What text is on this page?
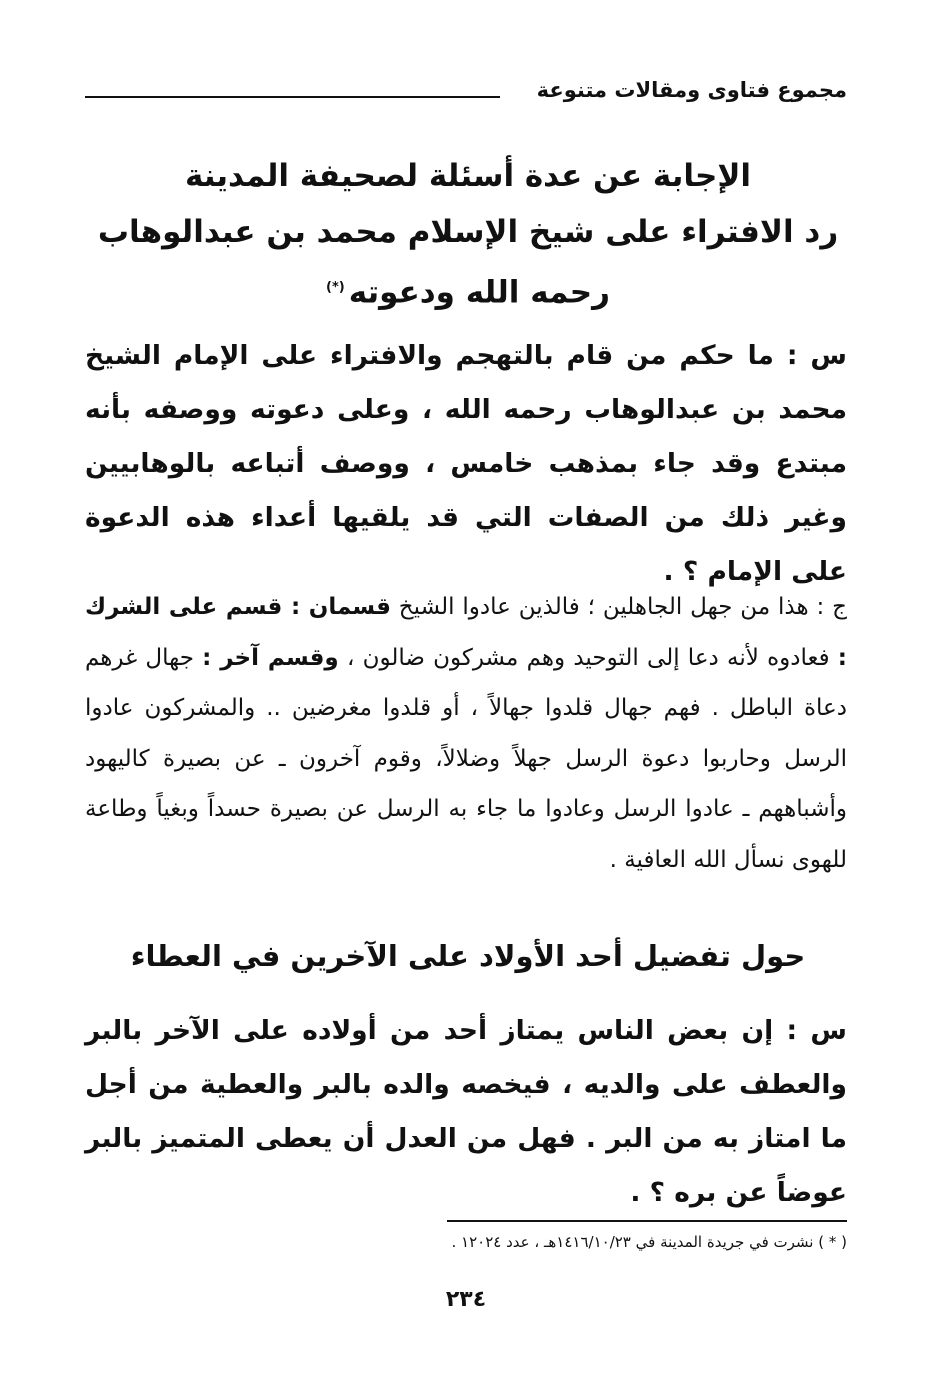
مجموع فتاوى ومقالات متنوعة
الإجابة عن عدة أسئلة لصحيفة المدينة
رد الافتراء على شيخ الإسلام محمد بن عبدالوهاب
رحمه الله ودعوته(*)

س : ما حكم من قام بالتهجم والافتراء على الإمام الشيخ محمد بن عبدالوهاب رحمه الله ، وعلى دعوته ووصفه بأنه مبتدع وقد جاء بمذهب خامس ، ووصف أتباعه بالوهابيين وغير ذلك من الصفات التي قد يلقيها أعداء هذه الدعوة على الإمام ؟ .

ج : هذا من جهل الجاهلين ؛ فالذين عادوا الشيخ قسمان : قسم على الشرك : فعادوه لأنه دعا إلى التوحيد وهم مشركون ضالون ، وقسم آخر : جهال غرهم دعاة الباطل . فهم جهال قلدوا جهالاً ، أو قلدوا مغرضين .. والمشركون عادوا الرسل وحاربوا دعوة الرسل جهلاً وضلالاً، وقوم آخرون ـ عن بصيرة كاليهود وأشباههم ـ عادوا الرسل وعادوا ما جاء به الرسل عن بصيرة حسداً وبغياً وطاعة للهوى نسأل الله العافية .

حول تفضيل أحد الأولاد على الآخرين في العطاء

س : إن بعض الناس يمتاز أحد من أولاده على الآخر بالبر والعطف على والديه ، فيخصه والده بالبر والعطية من أجل ما امتاز به من البر . فهل من العدل أن يعطى المتميز بالبر عوضاً عن بره ؟ .

( * ) نشرت في جريدة المدينة في ١٤١٦/١٠/٢٣هـ ، عدد ١٢٠٢٤ .
٢٣٤
